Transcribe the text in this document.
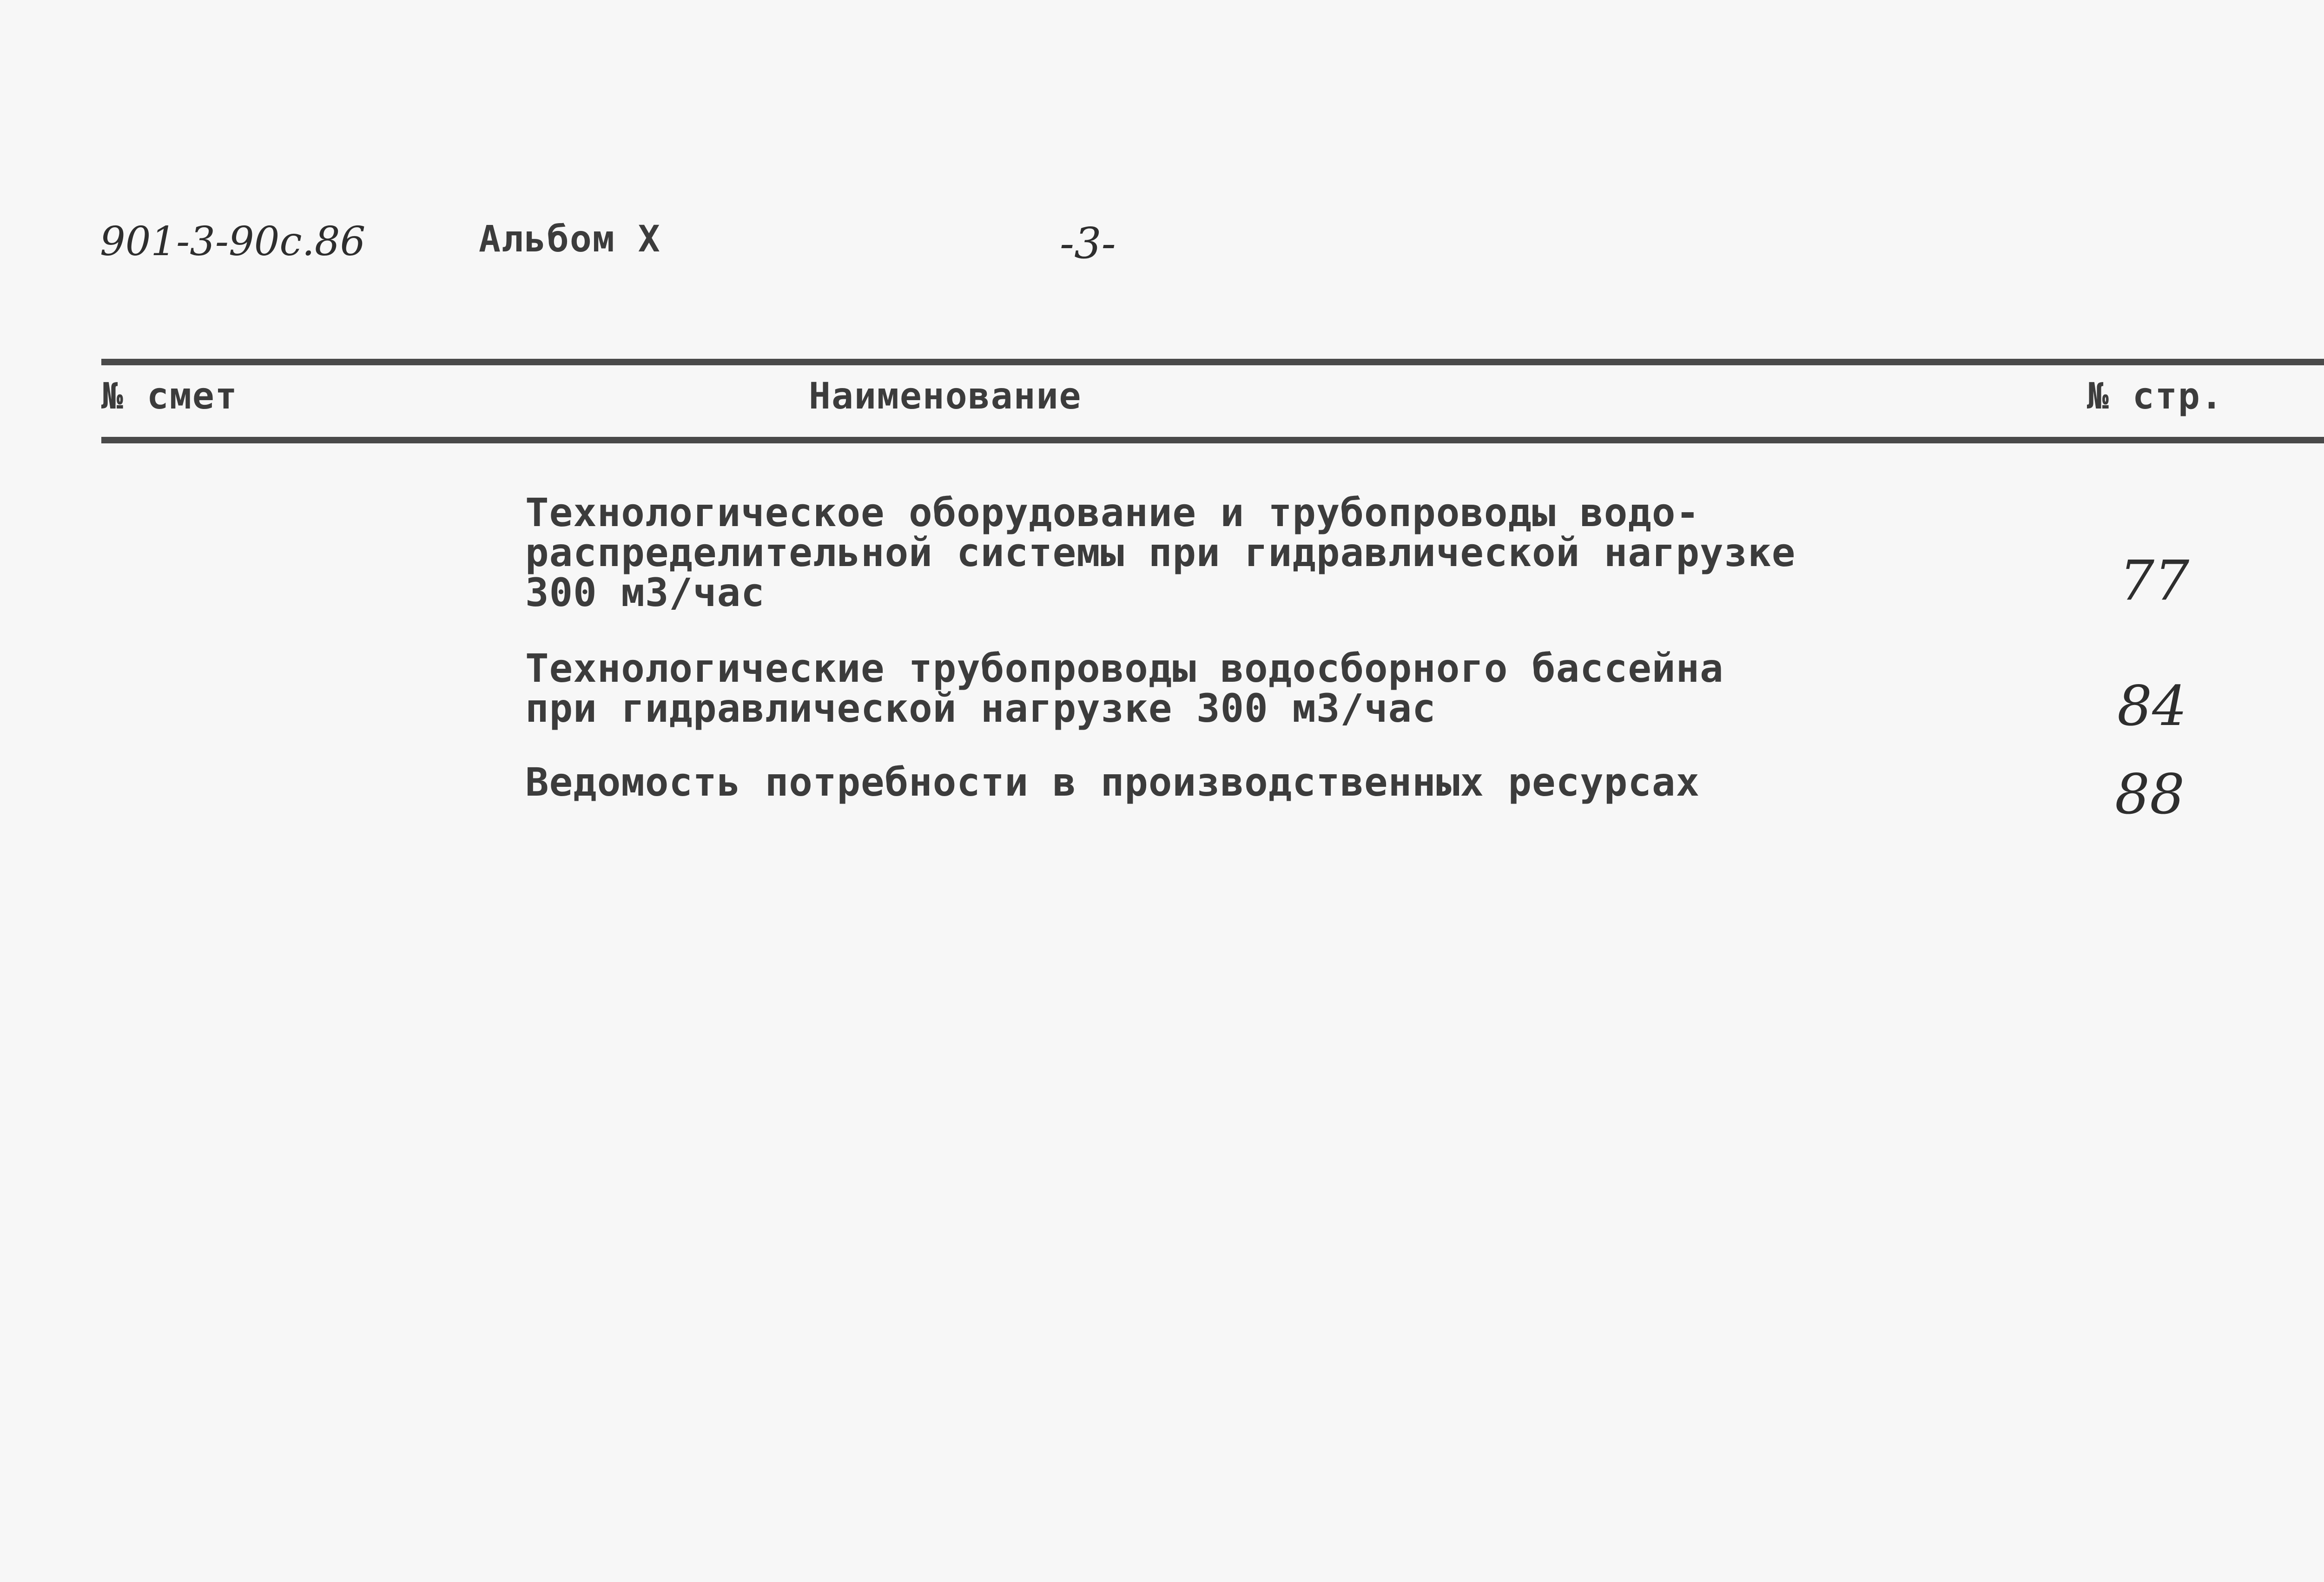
901-3-90с.86	Альбом X	-3-
№ смет	Наименование	№ стр.
Технологическое оборудование и трубопроводы водо-
распределительной системы при гидравлической нагрузке
300 м3/час	77
Технологические трубопроводы водосборного бассейна
при гидравлической нагрузке 300 м3/час	84
Ведомость потребности в производственных ресурсах	88
